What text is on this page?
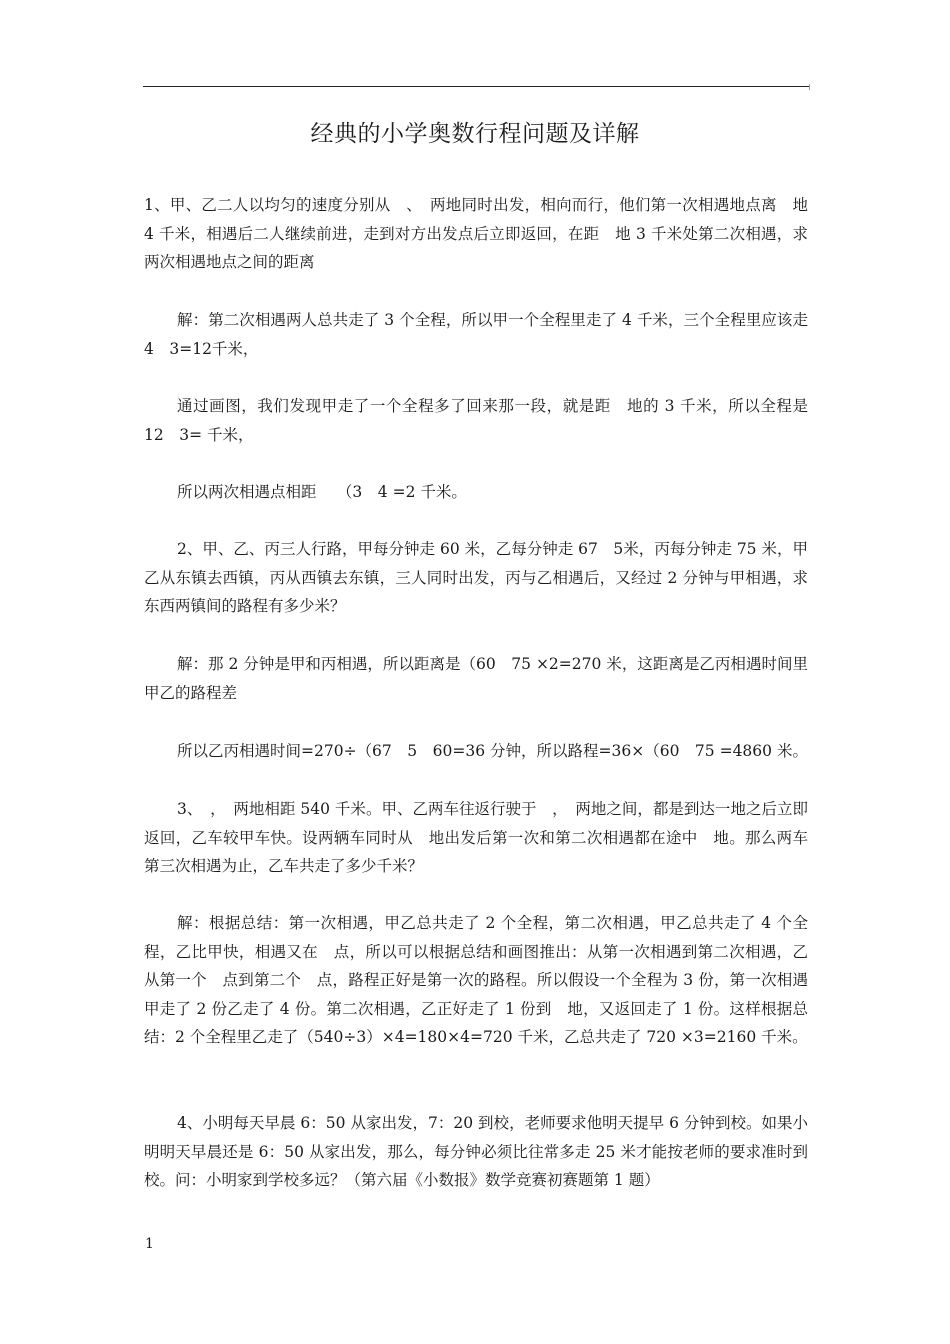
经典的小学奥数行程问题及详解

1、甲、乙二人以均匀的速度分别从　、　两地同时出发，相向而行，他们第一次相遇地点离　地 4 千米，相遇后二人继续前进，走到对方出发点后立即返回，在距　地 3 千米处第二次相遇，求两次相遇地点之间的距离

解：第二次相遇两人总共走了 3 个全程，所以甲一个全程里走了 4 千米，三个全程里应该走 4　3=12千米，

通过画图，我们发现甲走了一个全程多了回来那一段，就是距　地的 3 千米，所以全程是 12　3= 千米，

所以两次相遇点相距　 （3　4 =2 千米。

2、甲、乙、丙三人行路，甲每分钟走 60 米，乙每分钟走 67　5米，丙每分钟走 75 米，甲乙从东镇去西镇，丙从西镇去东镇，三人同时出发，丙与乙相遇后，又经过 2 分钟与甲相遇，求东西两镇间的路程有多少米？

解：那 2 分钟是甲和丙相遇，所以距离是（60　75 ×2=270 米，这距离是乙丙相遇时间里甲乙的路程差

所以乙丙相遇时间=270÷（67　5　60=36 分钟，所以路程=36×（60　75 =4860 米。

3、　，　两地相距 540 千米。甲、乙两车往返行驶于　，　两地之间，都是到达一地之后立即返回，乙车较甲车快。设两辆车同时从　地出发后第一次和第二次相遇都在途中　地。那么两车第三次相遇为止，乙车共走了多少千米？

解：根据总结：第一次相遇，甲乙总共走了 2 个全程，第二次相遇，甲乙总共走了 4 个全程，乙比甲快，相遇又在　点，所以可以根据总结和画图推出：从第一次相遇到第二次相遇，乙从第一个　点到第二个　点，路程正好是第一次的路程。所以假设一个全程为 3 份，第一次相遇甲走了 2 份乙走了 4 份。第二次相遇，乙正好走了 1 份到　地，又返回走了 1 份。这样根据总结：2 个全程里乙走了（540÷3）×4=180×4=720 千米，乙总共走了 720 ×3=2160 千米。

4、小明每天早晨 6：50 从家出发，7：20 到校，老师要求他明天提早 6 分钟到校。如果小明明天早晨还是 6：50 从家出发，那么，每分钟必须比往常多走 25 米才能按老师的要求准时到校。问：小明家到学校多远？（第六届《小数报》数学竞赛初赛题第 1 题）

1
